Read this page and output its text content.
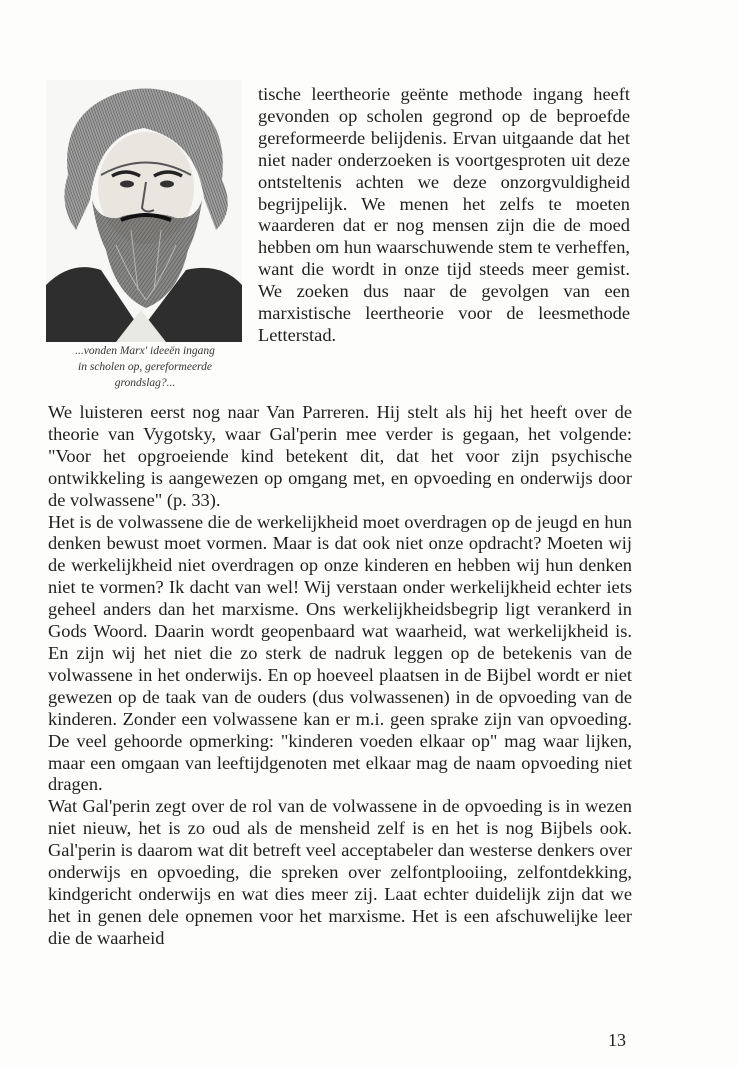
...vonden Marx' ideeën ingang
in scholen op, gereformeerde
grondslag?...

tische leertheorie geënte methode ingang heeft gevonden op scholen gegrond op de beproefde gereformeerde belijdenis. Ervan uitgaande dat het niet nader onderzoeken is voortgesproten uit deze ontsteltenis achten we deze onzorgvuldigheid begrijpelijk. We menen het zelfs te moeten waarderen dat er nog mensen zijn die de moed hebben om hun waarschuwende stem te verheffen, want die wordt in onze tijd steeds meer gemist. We zoeken dus naar de gevolgen van een marxistische leertheorie voor de leesmethode Letterstad.

We luisteren eerst nog naar Van Parreren. Hij stelt als hij het heeft over de theorie van Vygotsky, waar Gal'perin mee verder is gegaan, het volgende: "Voor het opgroeiende kind betekent dit, dat het voor zijn psychische ontwikkeling is aangewezen op omgang met, en opvoeding en onderwijs door de volwassene" (p. 33).

Het is de volwassene die de werkelijkheid moet overdragen op de jeugd en hun denken bewust moet vormen. Maar is dat ook niet onze opdracht? Moeten wij de werkelijkheid niet overdragen op onze kinderen en hebben wij hun denken niet te vormen? Ik dacht van wel! Wij verstaan onder werkelijkheid echter iets geheel anders dan het marxisme. Ons werkelijkheidsbegrip ligt verankerd in Gods Woord. Daarin wordt geopenbaard wat waarheid, wat werkelijkheid is. En zijn wij het niet die zo sterk de nadruk leggen op de betekenis van de volwassene in het onderwijs. En op hoeveel plaatsen in de Bijbel wordt er niet gewezen op de taak van de ouders (dus volwassenen) in de opvoeding van de kinderen. Zonder een volwassene kan er m.i. geen sprake zijn van opvoeding. De veel gehoorde opmerking: "kinderen voeden elkaar op" mag waar lijken, maar een omgaan van leeftijdgenoten met elkaar mag de naam opvoeding niet dragen.

Wat Gal'perin zegt over de rol van de volwassene in de opvoeding is in wezen niet nieuw, het is zo oud als de mensheid zelf is en het is nog Bijbels ook. Gal'perin is daarom wat dit betreft veel acceptabeler dan westerse denkers over onderwijs en opvoeding, die spreken over zelfontplooiing, zelfontdekking, kindgericht onderwijs en wat dies meer zij. Laat echter duidelijk zijn dat we het in genen dele opnemen voor het marxisme. Het is een afschuwelijke leer die de waarheid

13
